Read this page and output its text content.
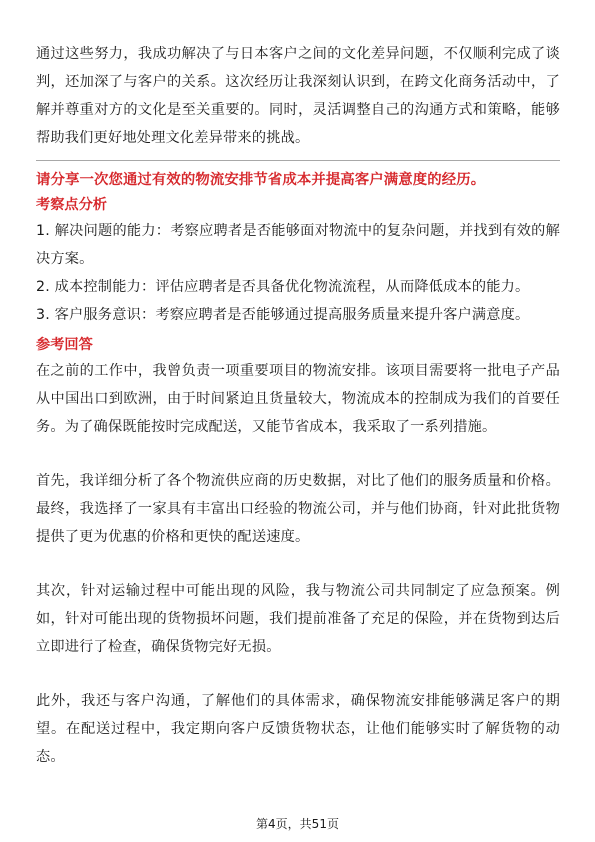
通过这些努力，我成功解决了与日本客户之间的文化差异问题，不仅顺利完成了谈判，还加深了与客户的关系。这次经历让我深刻认识到，在跨文化商务活动中，了解并尊重对方的文化是至关重要的。同时，灵活调整自己的沟通方式和策略，能够帮助我们更好地处理文化差异带来的挑战。

请分享一次您通过有效的物流安排节省成本并提高客户满意度的经历。

考察点分析

1. 解决问题的能力：考察应聘者是否能够面对物流中的复杂问题，并找到有效的解决方案。
2. 成本控制能力：评估应聘者是否具备优化物流流程，从而降低成本的能力。
3. 客户服务意识：考察应聘者是否能够通过提高服务质量来提升客户满意度。

参考回答

在之前的工作中，我曾负责一项重要项目的物流安排。该项目需要将一批电子产品从中国出口到欧洲，由于时间紧迫且货量较大，物流成本的控制成为我们的首要任务。为了确保既能按时完成配送，又能节省成本，我采取了一系列措施。

首先，我详细分析了各个物流供应商的历史数据，对比了他们的服务质量和价格。最终，我选择了一家具有丰富出口经验的物流公司，并与他们协商，针对此批货物提供了更为优惠的价格和更快的配送速度。

其次，针对运输过程中可能出现的风险，我与物流公司共同制定了应急预案。例如，针对可能出现的货物损坏问题，我们提前准备了充足的保险，并在货物到达后立即进行了检查，确保货物完好无损。

此外，我还与客户沟通，了解他们的具体需求，确保物流安排能够满足客户的期望。在配送过程中，我定期向客户反馈货物状态，让他们能够实时了解货物的动态。

第4页，共51页
